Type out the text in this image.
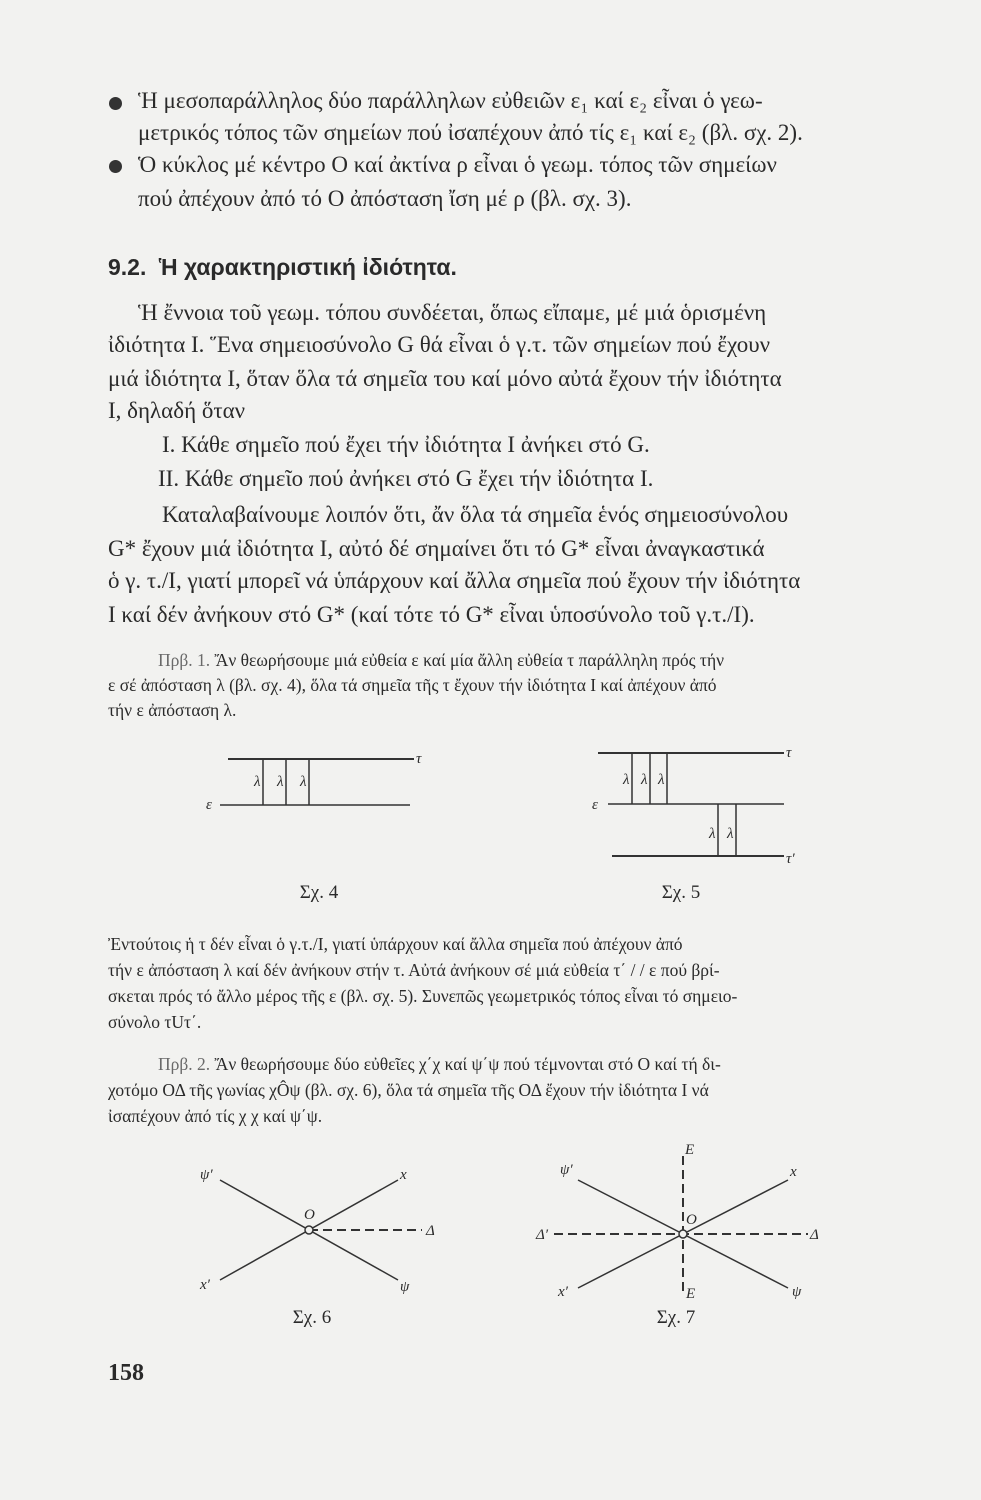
Ἡ μεσοπαράλληλος δύο παράλληλων εὐθειῶν ε₁ καί ε₂ εἶναι ὁ γεω-
μετρικός τόπος τῶν σημείων πού ἰσαπέχουν ἀπό τίς ε₁ καί ε₂ (βλ. σχ. 2).
Ὁ κύκλος μέ κέντρο Ο καί ἀκτίνα ρ εἶναι ὁ γεωμ. τόπος τῶν σημείων
πού ἀπέχουν ἀπό τό Ο ἀπόσταση ἴση μέ ρ (βλ. σχ. 3).
9.2. Ἡ χαρακτηριστική ἰδιότητα.
Ἡ ἔννοια τοῦ γεωμ. τόπου συνδέεται, ὅπως εἴπαμε, μέ μιά ὁρισμένη
ἰδιότητα Ι. Ἕνα σημειοσύνολο G θά εἶναι ὁ γ.τ. τῶν σημείων πού ἔχουν
μιά ἰδιότητα Ι, ὅταν ὅλα τά σημεῖα του καί μόνο αὐτά ἔχουν τήν ἰδιότητα
Ι, δηλαδή ὅταν
Ι. Κάθε σημεῖο πού ἔχει τήν ἰδιότητα Ι ἀνήκει στό G.
ΙΙ. Κάθε σημεῖο πού ἀνήκει στό G ἔχει τήν ἰδιότητα Ι.
Καταλαβαίνουμε λοιπόν ὅτι, ἄν ὅλα τά σημεῖα ἑνός σημειοσύνολου
G* ἔχουν μιά ἰδιότητα Ι, αὐτό δέ σημαίνει ὅτι τό G* εἶναι ἀναγκαστικά
ὁ γ. τ./Ι, γιατί μπορεῖ νά ὑπάρχουν καί ἄλλα σημεῖα πού ἔχουν τήν ἰδιότητα
Ι καί δέν ἀνήκουν στό G* (καί τότε τό G* εἶναι ὑποσύνολο τοῦ γ.τ./Ι).
Πρβ. 1. Ἄν θεωρήσουμε μιά εὐθεία ε καί μία ἄλλη εὐθεία τ παράλληλη πρός τήν
ε σέ ἀπόσταση λ (βλ. σχ. 4), ὅλα τά σημεῖα τῆς τ ἔχουν τήν ἰδιότητα Ι καί ἀπέχουν ἀπό
τήν ε ἀπόσταση λ.
τ
ε
λ λ λ
Σχ. 4
τ
ε
τ′
λ λ λ
λ λ
Σχ. 5
Ἐντούτοις ἡ τ δέν εἶναι ὁ γ.τ./Ι, γιατί ὑπάρχουν καί ἄλλα σημεῖα πού ἀπέχουν ἀπό
τήν ε ἀπόσταση λ καί δέν ἀνήκουν στήν τ. Αὐτά ἀνήκουν σέ μιά εὐθεία τ΄ / / ε πού βρί-
σκεται πρός τό ἄλλο μέρος τῆς ε (βλ. σχ. 5). Συνεπῶς γεωμετρικός τόπος εἶναι τό σημειο-
σύνολο τUτ΄.
Πρβ. 2. Ἄν θεωρήσουμε δύο εὐθεῖες χ΄χ καί ψ΄ψ πού τέμνονται στό Ο καί τή δι-
χοτόμο ΟΔ τῆς γωνίας χÔψ (βλ. σχ. 6), ὅλα τά σημεῖα τῆς ΟΔ ἔχουν τήν ἰδιότητα Ι νά
ἰσαπέχουν ἀπό τίς χ χ καί ψ΄ψ.
ψ′	x
O
Δ
x′	ψ
Σχ. 6
E
ψ′	x
Δ′
O
Δ
x′	E	ψ
Σχ. 7
158
